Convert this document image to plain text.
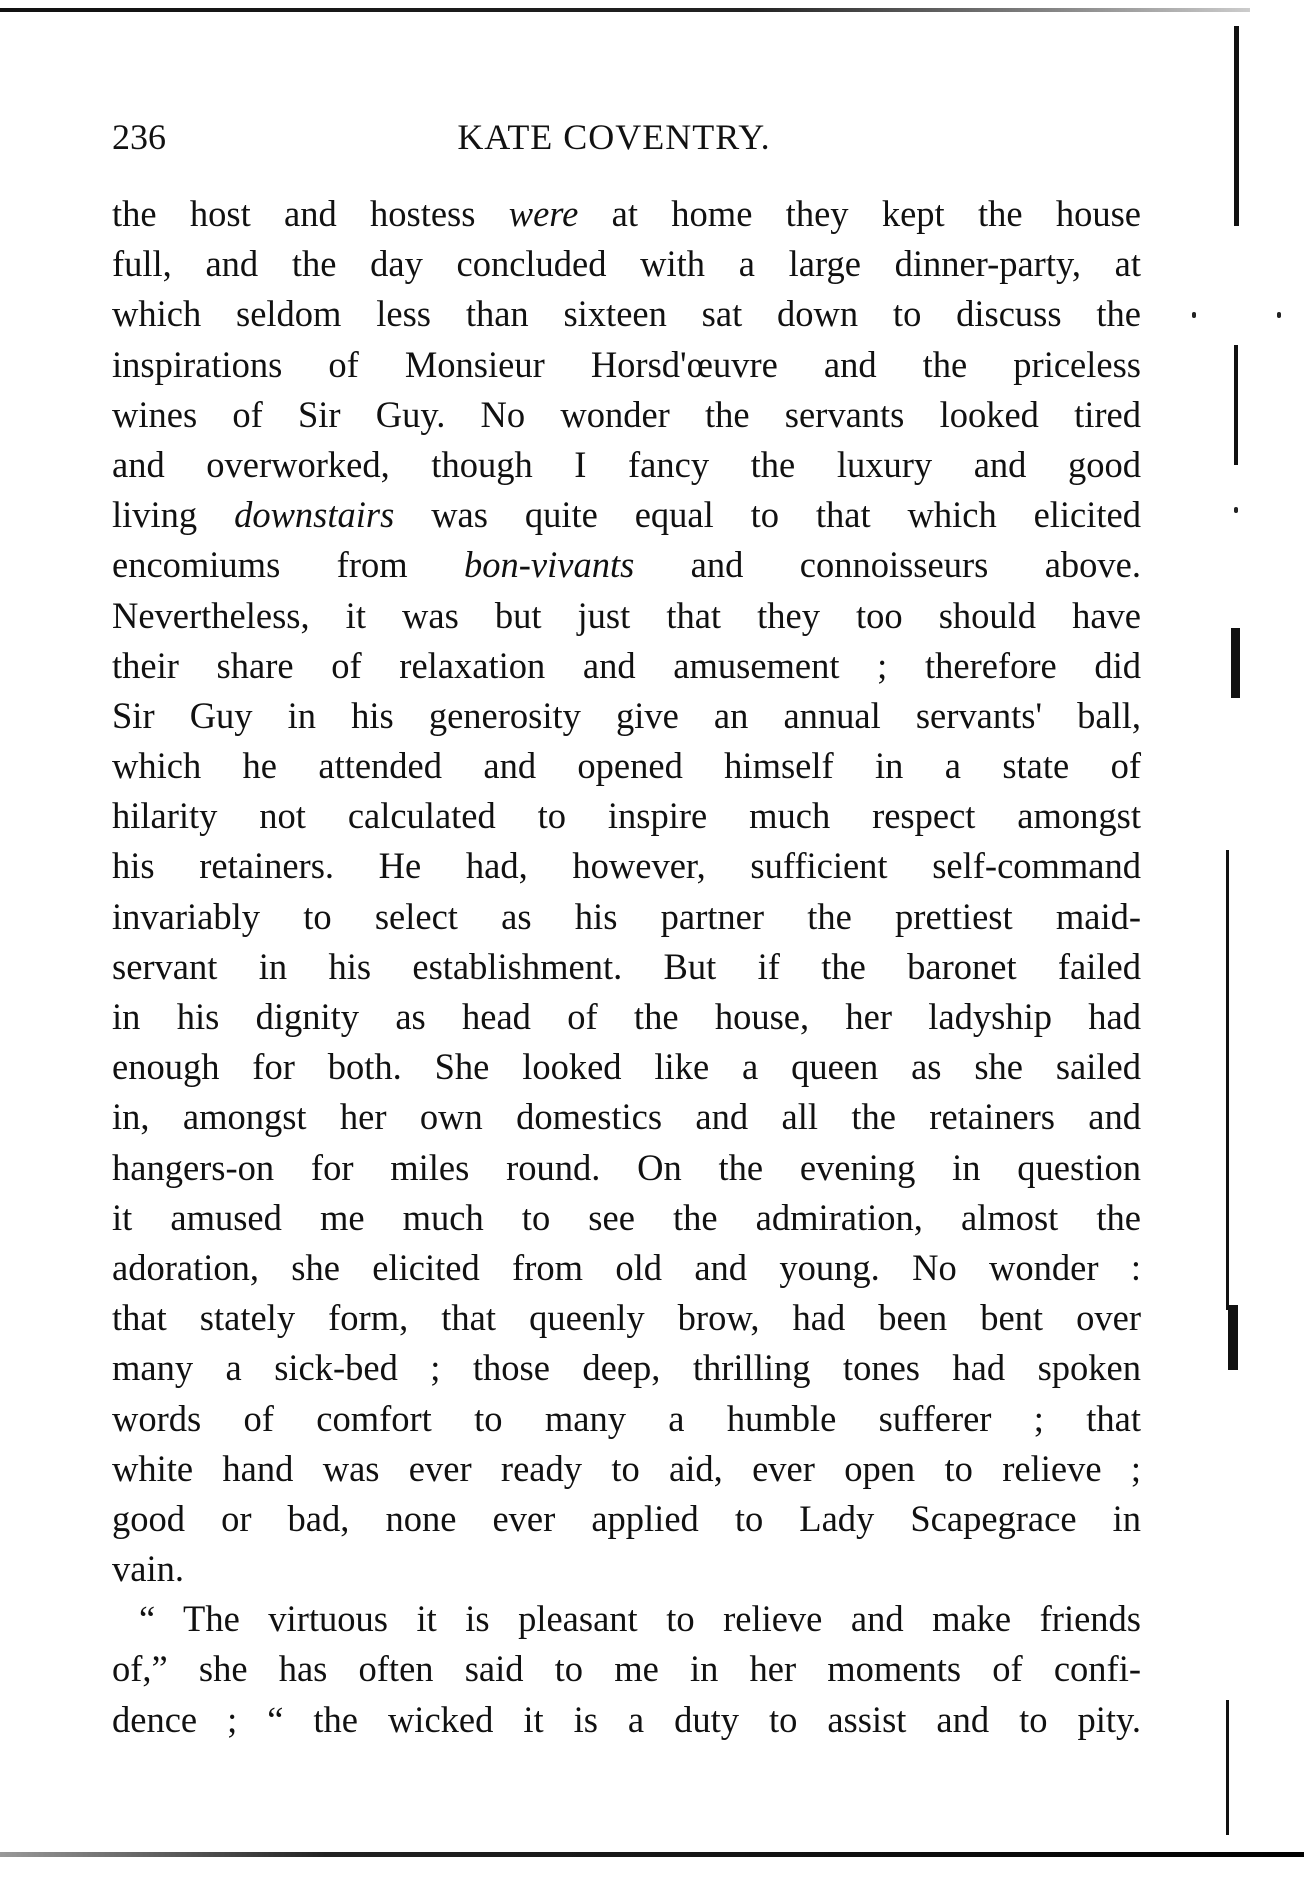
236	KATE COVENTRY.
the host and hostess were at home they kept the house
full, and the day concluded with a large dinner-party, at
which seldom less than sixteen sat down to discuss the
inspirations of Monsieur Horsd'œuvre and the priceless
wines of Sir Guy. No wonder the servants looked tired
and overworked, though I fancy the luxury and good
living downstairs was quite equal to that which elicited
encomiums from bon-vivants and connoisseurs above.
Nevertheless, it was but just that they too should have
their share of relaxation and amusement ; therefore did
Sir Guy in his generosity give an annual servants' ball,
which he attended and opened himself in a state of
hilarity not calculated to inspire much respect amongst
his retainers. He had, however, sufficient self-command
invariably to select as his partner the prettiest maid-
servant in his establishment. But if the baronet failed
in his dignity as head of the house, her ladyship had
enough for both. She looked like a queen as she sailed
in, amongst her own domestics and all the retainers and
hangers-on for miles round. On the evening in question
it amused me much to see the admiration, almost the
adoration, she elicited from old and young. No wonder :
that stately form, that queenly brow, had been bent over
many a sick-bed ; those deep, thrilling tones had spoken
words of comfort to many a humble sufferer ; that
white hand was ever ready to aid, ever open to relieve ;
good or bad, none ever applied to Lady Scapegrace in
vain.
“ The virtuous it is pleasant to relieve and make friends
of,” she has often said to me in her moments of confi-
dence ; “ the wicked it is a duty to assist and to pity.
